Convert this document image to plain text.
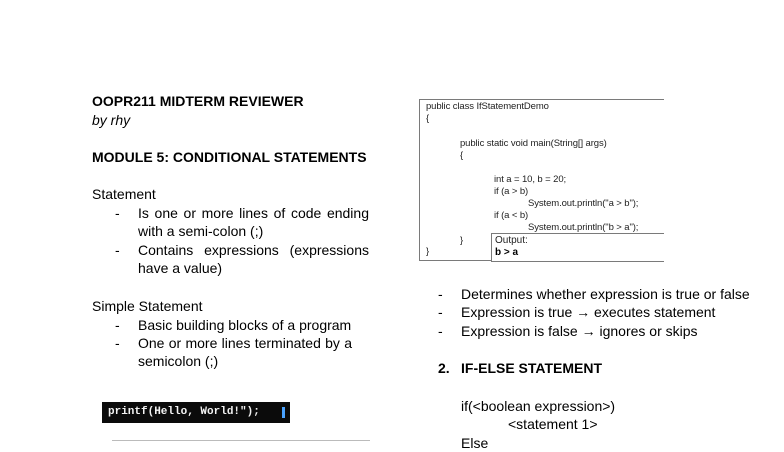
OOPR211 MIDTERM REVIEWER
by rhy
MODULE 5: CONDITIONAL STATEMENTS
Statement
- Is one or more lines of code ending with a semi-colon (;)
- Contains expressions (expressions have a value)
Simple Statement
- Basic building blocks of a program
- One or more lines terminated by a semicolon (;)
printf(Hello, World!");
public class IfStatementDemo
{
public static void main(String[] args)
{
int a = 10, b = 20;
if (a > b)
System.out.println("a > b");
if (a < b)
System.out.println("b > a");
}
}
Output:
b > a
- Determines whether expression is true or false
- Expression is true → executes statement
- Expression is false → ignores or skips
2. IF-ELSE STATEMENT
if(<boolean expression>)
<statement 1>
Else
